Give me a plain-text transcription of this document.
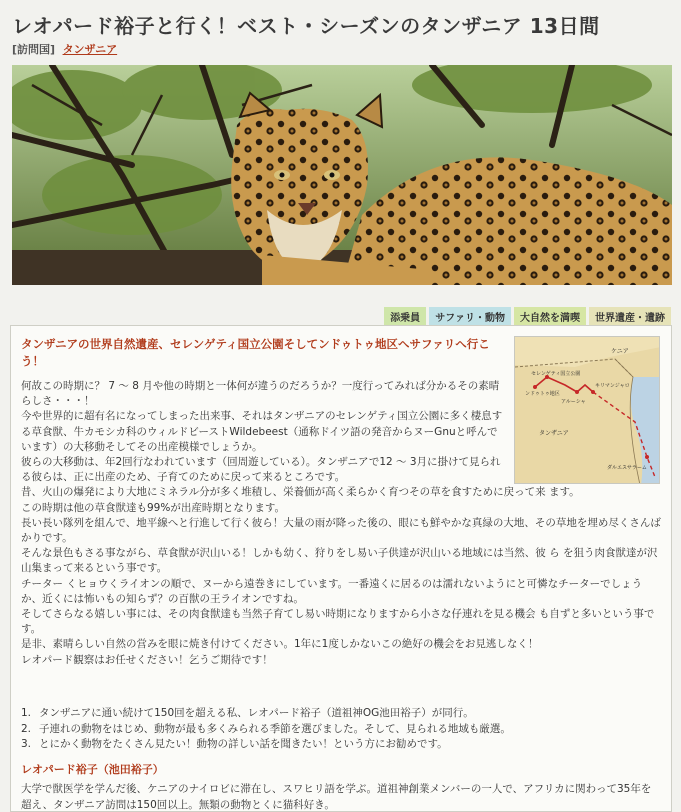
レオパード裕子と行く！ベスト・シーズンのタンザニア 13日間
[訪問国] タンザニア
添乗員	サファリ・動物	大自然を満喫	世界遺産・遺跡
タンザニアの世界自然遺産、セレンゲティ国立公園そしてンドゥトゥ地区へサファリへ行こう！
セレンゲティ国立公園
ンドゥトゥ地区
アルーシャ
キリマンジャロ
ケニア
タンザニア
ダルエスサラーム

何故この時期に？ 7 ～ 8 月や他の時期と一体何が違うのだろうか？一度行ってみれば分かるその素晴らしさ・・・！

今や世界的に超有名になってしまった出来事、それはタンザニアのセレンゲティ国立公園に多く棲息する草食獣、牛カモシカ科のウィルドビーストWildebeest（通称ドイツ語の発音からヌーGnuと呼んでいます）の大移動そしてその出産模様でしょうか。

彼らの大移動は、年2回行なわれています（回周遊している）。タンザニアで12 ～ 3月に掛けて見られる彼らは、正に出産のため、子育てのために戻って来るところです。

昔、火山の爆発により大地にミネラル分が多く堆積し、栄養価が高く柔らかく育つその草を食すために戻って来 ます。

この時期は他の草食獣達も99%が出産時期となります。

長い長い隊列を組んで、地平線へと行進して行く彼ら！大量の雨が降った後の、眼にも鮮やかな真緑の大地、その草地を埋め尽くさんばかりです。

そんな景色もさる事ながら、草食獣が沢山いる！しかも幼く、狩りをし易い子供達が沢山いる地域には当然、彼 ら を狙う肉食獣達が沢山集まって来るという事です。

チーター くヒョウくライオンの順で、ヌーから遠巻きにしています。一番遠くに居るのは濡れないようにと可憐なチーターでしょうか、近くには怖いもの知らず？の百獣の王ライオンですね。

そしてさらなる嬉しい事には、その肉食獣達も当然子育てし易い時期になりますから小さな仔連れを見る機会 も自ずと多いという事です。

是非、素晴らしい自然の営みを眼に焼き付けてください。1年に1度しかないこの絶好の機会をお見逃しなく！

レオパード観察はお任せください！乞うご期待です！

1. タンザニアに通い続けて150回を超える私、レオパード裕子（道祖神OG池田裕子）が同行。
2. 子連れの動物をはじめ、動物が最も多くみられる季節を選びました。そして、見られる地域も厳選。
3. とにかく動物をたくさん見たい！動物の詳しい話を聞きたい！という方にお勧めです。
レオパード裕子（池田裕子）
大学で獣医学を学んだ後、ケニアのナイロビに滞在し、スワヒリ語を学ぶ。道祖神創業メンバーの一人で、アフリカに関わって35年を超え、タンザニア訪問は150回以上。無類の動物とくに猫科好き。
